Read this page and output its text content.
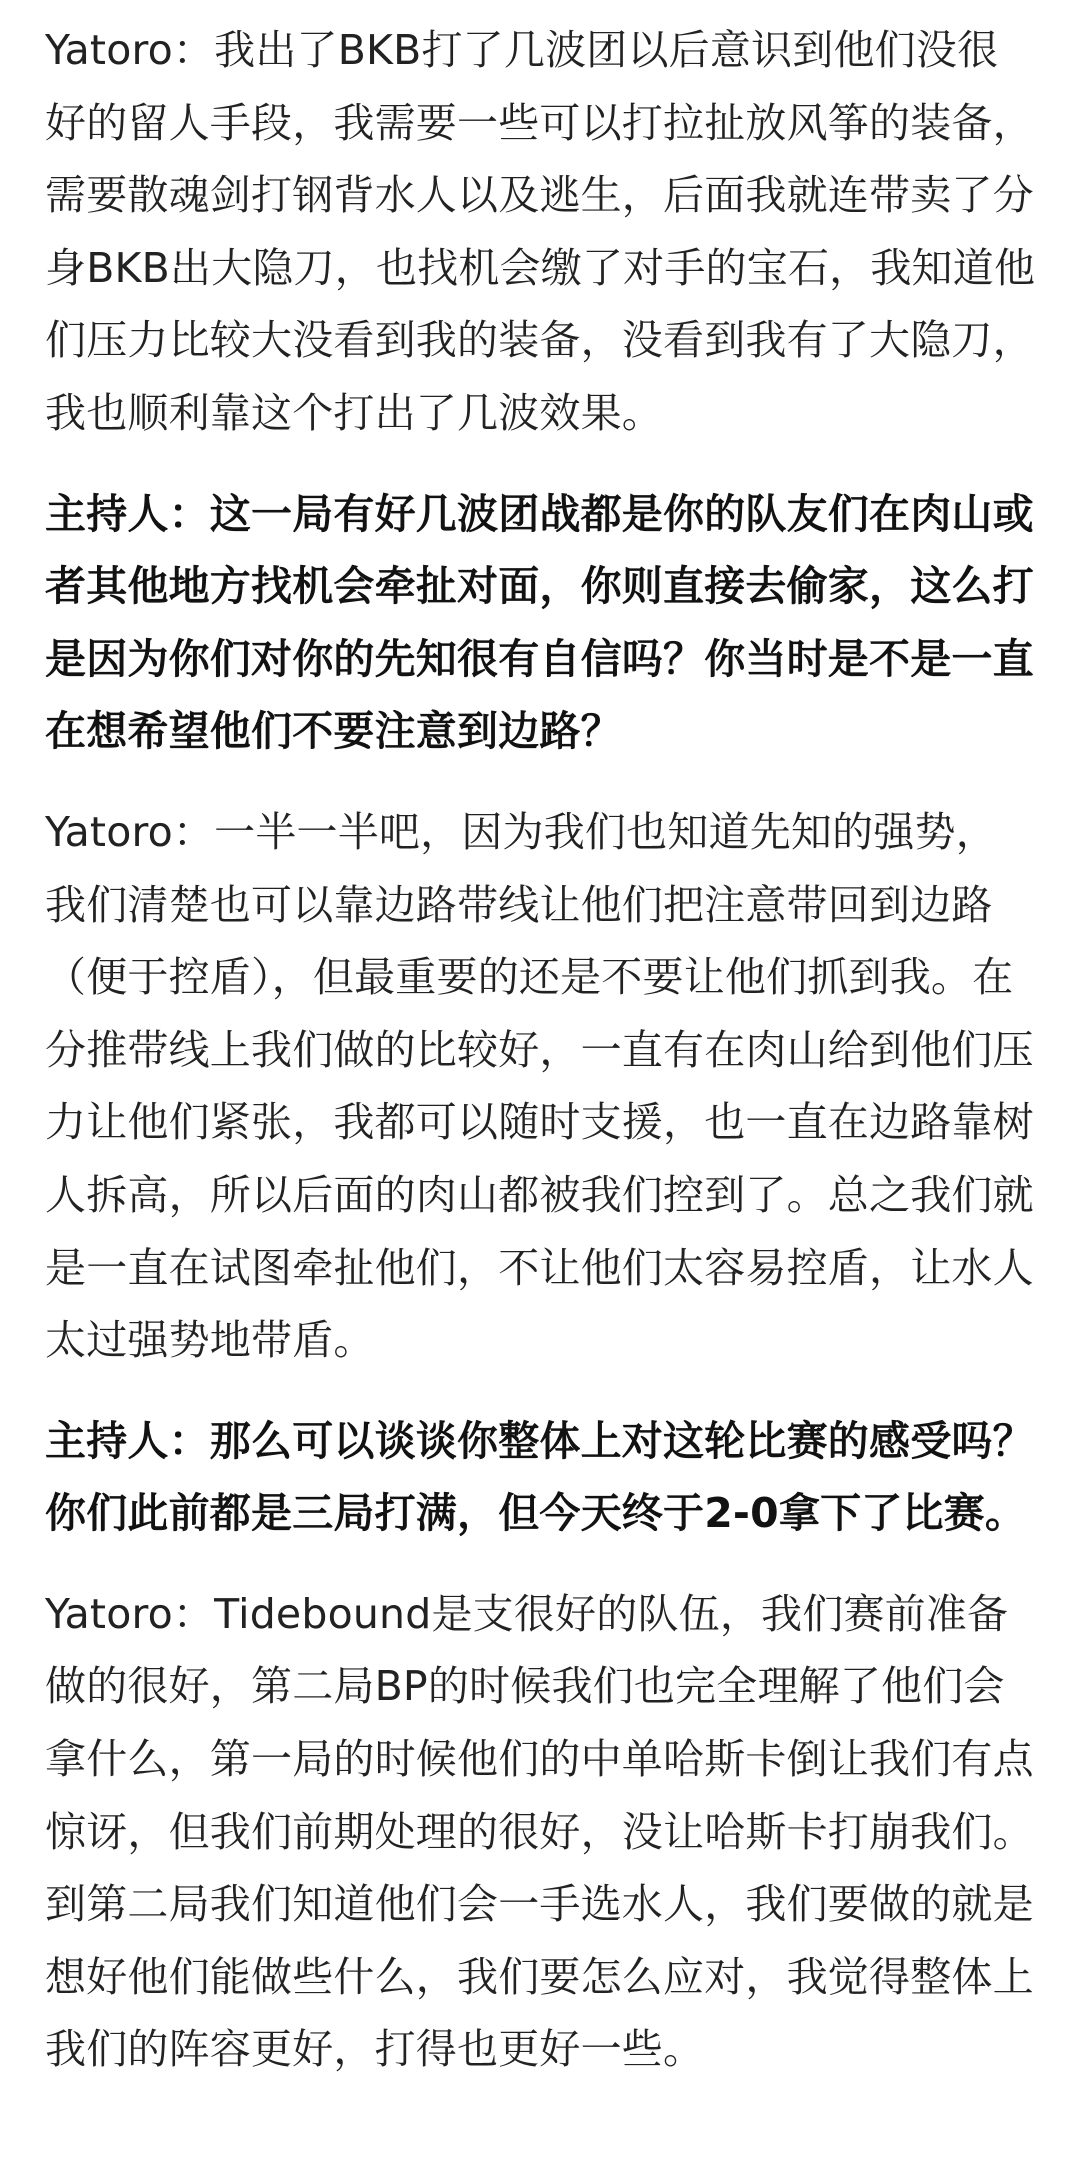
Yatoro：我出了BKB打了几波团以后意识到他们没很好的留人手段，我需要一些可以打拉扯放风筝的装备，需要散魂剑打钢背水人以及逃生，后面我就连带卖了分身BKB出大隐刀，也找机会缴了对手的宝石，我知道他们压力比较大没看到我的装备，没看到我有了大隐刀，我也顺利靠这个打出了几波效果。

主持人：这一局有好几波团战都是你的队友们在肉山或者其他地方找机会牵扯对面，你则直接去偷家，这么打是因为你们对你的先知很有自信吗？你当时是不是一直在想希望他们不要注意到边路？

Yatoro：一半一半吧，因为我们也知道先知的强势，我们清楚也可以靠边路带线让他们把注意带回到边路（便于控盾），但最重要的还是不要让他们抓到我。在分推带线上我们做的比较好，一直有在肉山给到他们压力让他们紧张，我都可以随时支援，也一直在边路靠树人拆高，所以后面的肉山都被我们控到了。总之我们就是一直在试图牵扯他们，不让他们太容易控盾，让水人太过强势地带盾。

主持人：那么可以谈谈你整体上对这轮比赛的感受吗？你们此前都是三局打满，但今天终于2-0拿下了比赛。

Yatoro：Tidebound是支很好的队伍，我们赛前准备做的很好，第二局BP的时候我们也完全理解了他们会拿什么，第一局的时候他们的中单哈斯卡倒让我们有点惊讶，但我们前期处理的很好，没让哈斯卡打崩我们。到第二局我们知道他们会一手选水人，我们要做的就是想好他们能做些什么，我们要怎么应对，我觉得整体上我们的阵容更好，打得也更好一些。
